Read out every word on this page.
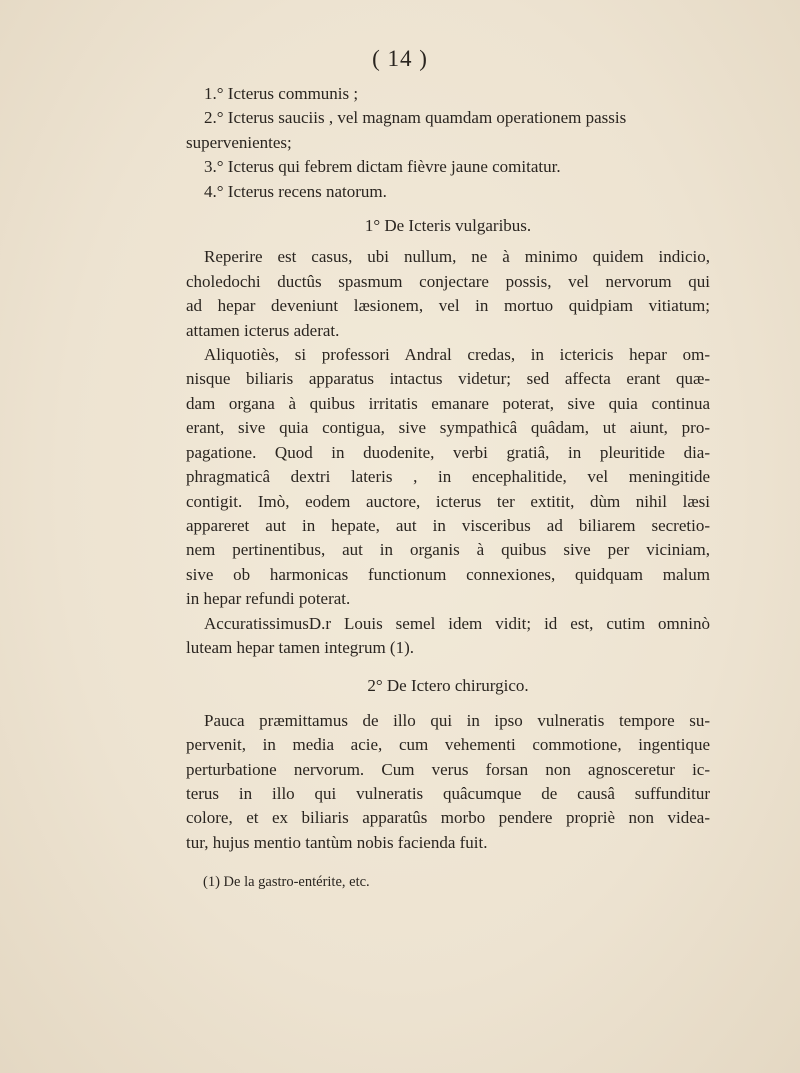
( 14 )
1.° Icterus communis ;
2.° Icterus sauciis , vel magnam quamdam operationem passis
supervenientes;
3.° Icterus qui febrem dictam fièvre jaune comitatur.
4.° Icterus recens natorum.
1° De Icteris vulgaribus.
Reperire est casus, ubi nullum, ne à minimo quidem indicio,
choledochi ductûs spasmum conjectare possis, vel nervorum qui
ad hepar deveniunt læsionem, vel in mortuo quidpiam vitiatum;
attamen icterus aderat.
Aliquotiès, si professori Andral credas, in ictericis hepar om-
nisque biliaris apparatus intactus videtur; sed affecta erant quæ-
dam organa à quibus irritatis emanare poterat, sive quia continua
erant, sive quia contigua, sive sympathicâ quâdam, ut aiunt, pro-
pagatione. Quod in duodenite, verbi gratiâ, in pleuritide dia-
phragmaticâ dextri lateris , in encephalitide, vel meningitide
contigit. Imò, eodem auctore, icterus ter extitit, dùm nihil læsi
appareret aut in hepate, aut in visceribus ad biliarem secretio-
nem pertinentibus, aut in organis à quibus sive per viciniam,
sive ob harmonicas functionum connexiones, quidquam malum
in hepar refundi poterat.
AccuratissimusD.r Louis semel idem vidit; id est, cutim omninò
luteam hepar tamen integrum (1).
2° De Ictero chirurgico.
Pauca præmittamus de illo qui in ipso vulneratis tempore su-
pervenit, in media acie, cum vehementi commotione, ingentique
perturbatione nervorum. Cum verus forsan non agnosceretur ic-
terus in illo qui vulneratis quâcumque de causâ suffunditur
colore, et ex biliaris apparatûs morbo pendere propriè non videa-
tur, hujus mentio tantùm nobis facienda fuit.
(1) De la gastro-entérite, etc.
